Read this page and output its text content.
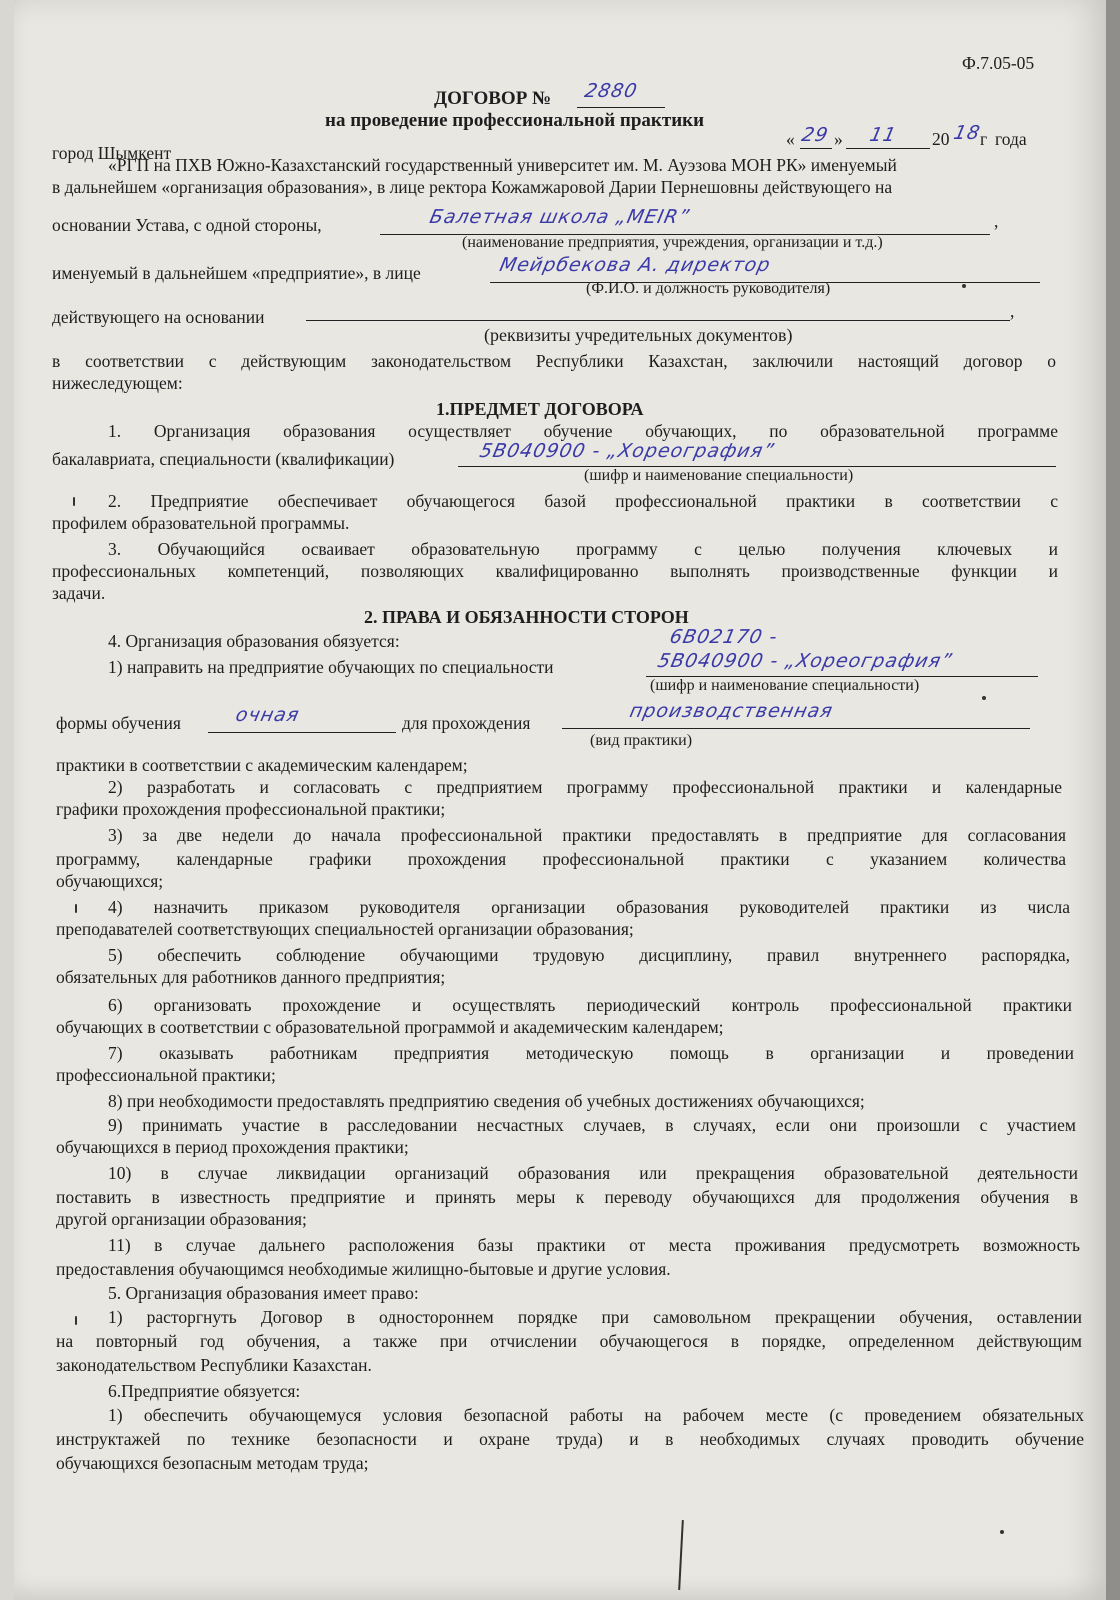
Ф.7.05-05
ДОГОВОР № 2880
на проведение профессиональной практики
город Шымкент
« 29 » 11 20 18
г года
«РГП на ПХВ Южно-Казахстанский государственный университет им. М. Ауэзова МОН РК» именуемый
в дальнейшем «организация образования», в лице ректора Кожамжаровой Дарии Пернешовны действующего на
основании Устава, с одной стороны,	Балетная школа „MEIR”	,
(наименование предприятия, учреждения, организации и т.д.)
именуемый в дальнейшем «предприятие», в лице	Мейрбекова А. директор
(Ф.И.О. и должность руководителя)
действующего на основании	,
(реквизиты учредительных документов)
в соответствии с действующим законодательством Республики Казахстан, заключили настоящий договор о
нижеследующем:
1.ПРЕДМЕТ ДОГОВОРА
1. Организация образования осуществляет обучение обучающих, по образовательной программе
бакалавриата, специальности (квалификации)	5В040900 - „Хореография”
(шифр и наименование специальности)
2. Предприятие обеспечивает обучающегося базой профессиональной практики в соответствии с
профилем образовательной программы.
3. Обучающийся осваивает образовательную программу с целью получения ключевых и
профессиональных компетенций, позволяющих квалифицированно выполнять производственные функции и
задачи.
2. ПРАВА И ОБЯЗАННОСТИ СТОРОН
4. Организация образования обязуется:	6В02170 -
1) направить на предприятие обучающих по специальности	5В040900 - „Хореография”
(шифр и наименование специальности)
формы обучения	очная	для прохождения
производственная
(вид практики)
практики в соответствии с академическим календарем;
2) разработать и согласовать с предприятием программу профессиональной практики и календарные
графики прохождения профессиональной практики;
3) за две недели до начала профессиональной практики предоставлять в предприятие для согласования
программу, календарные графики прохождения профессиональной практики с указанием количества
обучающихся;
4) назначить приказом руководителя организации образования руководителей практики из числа
преподавателей соответствующих специальностей организации образования;
5) обеспечить соблюдение обучающими трудовую дисциплину, правил внутреннего распорядка,
обязательных для работников данного предприятия;
6) организовать прохождение и осуществлять периодический контроль профессиональной практики
обучающих в соответствии с образовательной программой и академическим календарем;
7) оказывать работникам предприятия методическую помощь в организации и проведении
профессиональной практики;
8) при необходимости предоставлять предприятию сведения об учебных достижениях обучающихся;
9) принимать участие в расследовании несчастных случаев, в случаях, если они произошли с участием
обучающихся в период прохождения практики;
10) в случае ликвидации организаций образования или прекращения образовательной деятельности
поставить в известность предприятие и принять меры к переводу обучающихся для продолжения обучения в
другой организации образования;
11) в случае дальнего расположения базы практики от места проживания предусмотреть возможность
предоставления обучающимся необходимые жилищно-бытовые и другие условия.
5. Организация образования имеет право:
1) расторгнуть Договор в одностороннем порядке при самовольном прекращении обучения, оставлении
на повторный год обучения, а также при отчислении обучающегося в порядке, определенном действующим
законодательством Республики Казахстан.
6.Предприятие обязуется:
1) обеспечить обучающемуся условия безопасной работы на рабочем месте (с проведением обязательных
инструктажей по технике безопасности и охране труда) и в необходимых случаях проводить обучение
обучающихся безопасным методам труда;
